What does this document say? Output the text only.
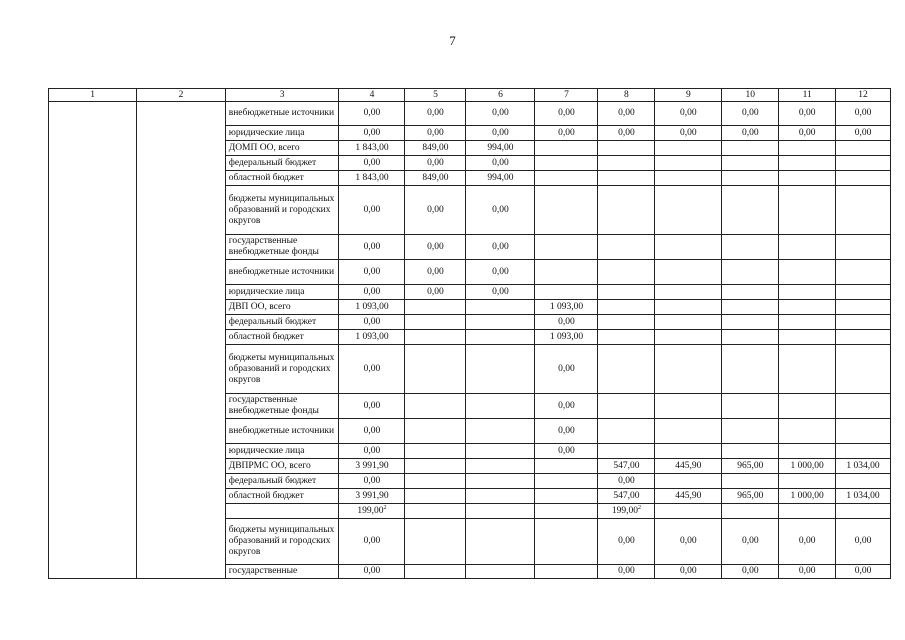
7
1	2	3	4	5	6	7	8	9	10	11	12
		внебюджетные источники	0,00	0,00	0,00	0,00	0,00	0,00	0,00	0,00	0,00
		юридические лица	0,00	0,00	0,00	0,00	0,00	0,00	0,00	0,00	0,00
		ДОМП ОО, всего	1 843,00	849,00	994,00						
		федеральный бюджет	0,00	0,00	0,00						
		областной бюджет	1 843,00	849,00	994,00						
		бюджеты муниципальных образований и городских округов	0,00	0,00	0,00						
		государственные внебюджетные фонды	0,00	0,00	0,00						
		внебюджетные источники	0,00	0,00	0,00						
		юридические лица	0,00	0,00	0,00						
		ДВП ОО, всего	1 093,00			1 093,00					
		федеральный бюджет	0,00			0,00					
		областной бюджет	1 093,00			1 093,00					
		бюджеты муниципальных образований и городских округов	0,00			0,00					
		государственные внебюджетные фонды	0,00			0,00					
		внебюджетные источники	0,00			0,00					
		юридические лица	0,00			0,00					
		ДВПРМС ОО, всего	3 991,90				547,00	445,90	965,00	1 000,00	1 034,00
		федеральный бюджет	0,00				0,00				
		областной бюджет	3 991,90				547,00	445,90	965,00	1 000,00	1 034,00
			199,00$^2$				199,00$^2$				
		бюджеты муниципальных образований и городских округов	0,00				0,00	0,00	0,00	0,00	0,00
		государственные	0,00				0,00	0,00	0,00	0,00	0,00
